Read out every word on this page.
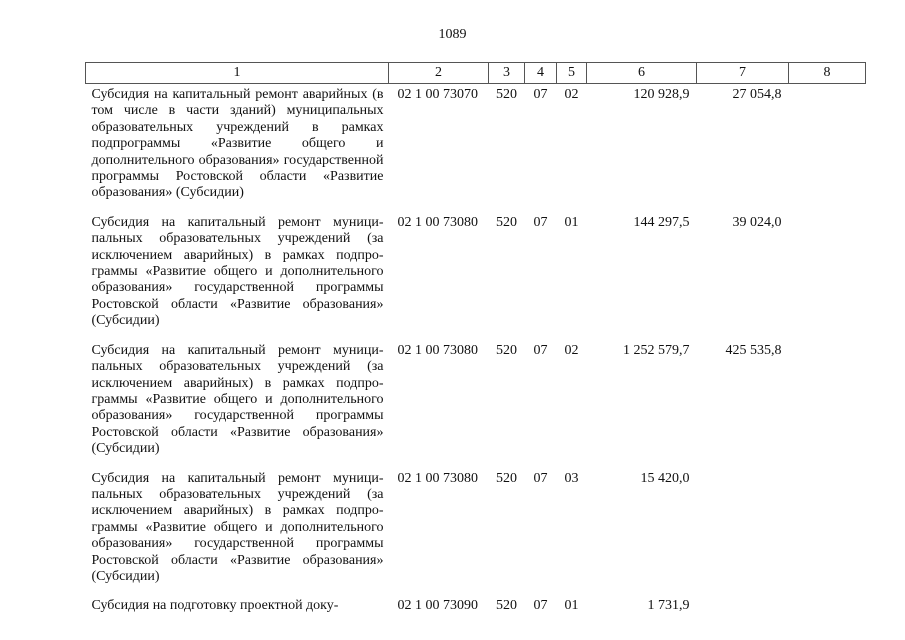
1089
1	2	3	4	5	6	7	8
Субсидия на капитальный ремонт аварийных (в том числе в части зданий) муниципальных образовательных учреждений в рамках подпрограммы «Развитие общего и дополнительного образования» государственной программы Ростовской области «Развитие образования» (Субсидии)	02 1 00 73070	520	07	02	120 928,9	27 054,8	
Субсидия на капитальный ремонт муниципальных образовательных учреждений (за исключением аварийных) в рамках подпрограммы «Развитие общего и дополнительного образования» государственной программы Ростовской области «Развитие образования» (Субсидии)	02 1 00 73080	520	07	01	144 297,5	39 024,0	
Субсидия на капитальный ремонт муниципальных образовательных учреждений (за исключением аварийных) в рамках подпрограммы «Развитие общего и дополнительного образования» государственной программы Ростовской области «Развитие образования» (Субсидии)	02 1 00 73080	520	07	02	1 252 579,7	425 535,8	
Субсидия на капитальный ремонт муниципальных образовательных учреждений (за исключением аварийных) в рамках подпрограммы «Развитие общего и дополнительного образования» государственной программы Ростовской области «Развитие образования» (Субсидии)	02 1 00 73080	520	07	03	15 420,0		
Субсидия на подготовку проектной доку-	02 1 00 73090	520	07	01	1 731,9		
